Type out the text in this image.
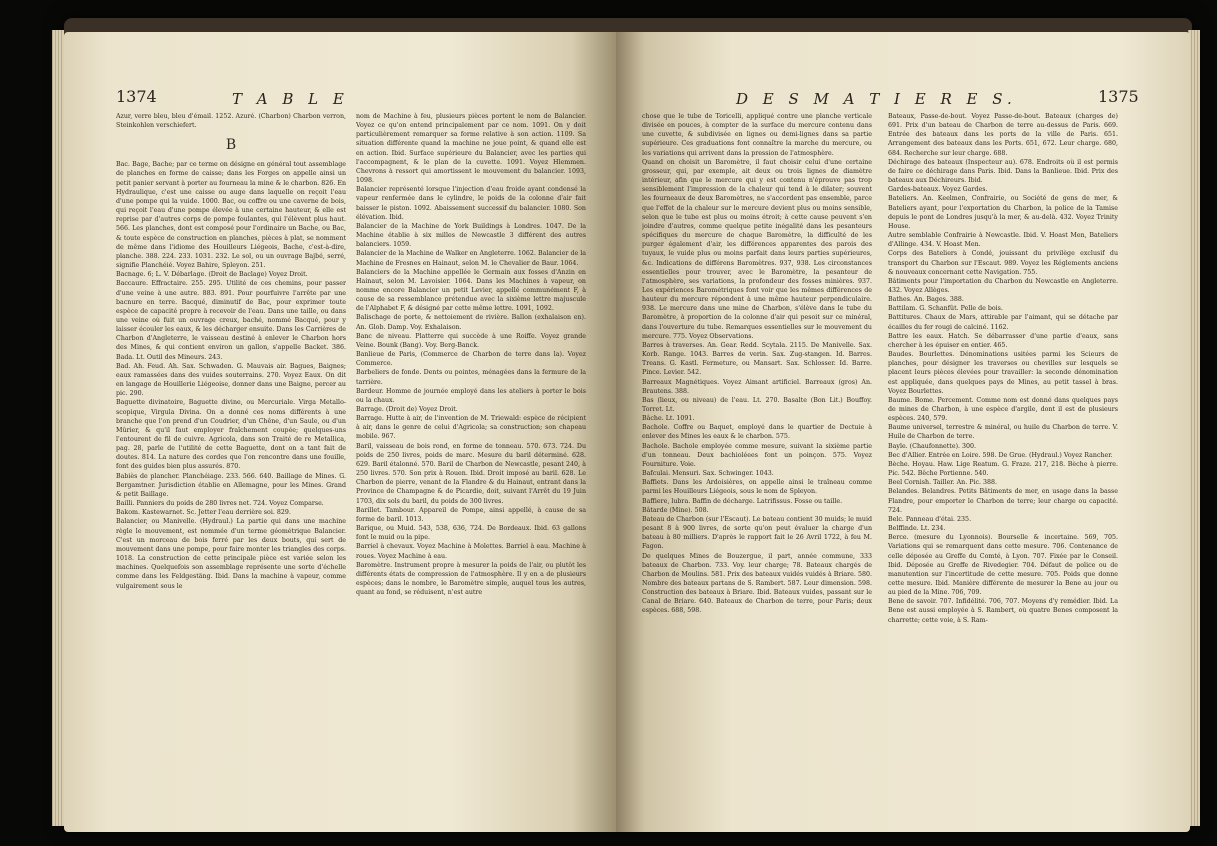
1374	T A B L E

Azur, verre bleu, bleu d'émail. 1252. Azuré. (Charbon) Charbon verron, Steinkohlen verschiefert.

B

Bac. Bage, Bache; par ce terme on désigne en général tout assemblage de planches en forme de caisse; dans les Forges on appelle ainsi un petit panier servant à porter au fourneau la mine & le charbon. 826. En Hydraulique, c'est une caisse ou auge dans laquelle on reçoit l'eau d'une pompe qui la vuide. 1000. Bac, ou coffre ou une caverne de bois, qui reçoit l'eau d'une pompe élevée à une certaine hauteur, & elle est reprise par d'autres corps de pompe foulantes, qui l'élèvent plus haut. 566. Les planches, dont est composé pour l'ordinaire un Bache, ou Bac, & toute espèce de construction en planches, pièces à plat, se nomment de même dans l'idiome des Houilleurs Liégeois, Bache, c'est-à-dire, planche. 388. 224. 233. 1031. 232. Le sol, ou un ouvrage Bajbé, serré, signifie Planchéié. Voyez Bahire, Spleyon. 251.

Bacnage. 6; L. V. Débarlage. (Droit de Baclage) Voyez Droit.

Baccaure. Effractaire. 255. 295. Utilité de ces chemins, pour passer d'une veine à une autre. 883. 891. Pour pourfuivre l'arrête par une bacnure en terre. Bacqué, diminutif de Bac, pour exprimer toute espèce de capacité propre à recevoir de l'eau. Dans une taille, ou dans une veine où fuit un ouvrage creux, baché, nommé Bacqué, pour y laisser écouler les eaux, & les décharger ensuite. Dans les Carrières de Charbon d'Angleterre, le vaisseau destiné à enlever le Charbon hors des Mines, & qui contient environ un gallon, s'appelle Backet. 386. Bada. Lt. Outil des Mineurs. 243.

Bad. Ah. Feud. Ah. Sax. Schwaden. G. Mauvais air. Bagues, Baignes; eaux ramassées dans des vuides souterrains. 270. Voyez Eaux. On dit en langage de Houillerie Liégeoise, donner dans une Baigne, percer au pic. 290.

Baguette divinatoire, Baguette divine, ou Mercuriale. Virga Metallo-scopique, Virgula Divina. On a donné ces noms différents à une branche que l'on prend d'un Coudrier, d'un Chêne, d'un Saule, ou d'un Mûrier, & qu'il faut employer fraîchement coupée; quelques-uns l'entourent de fil de cuivre. Agricola, dans son Traité de re Metallica, pag. 28, parle de l'utilité de cette Baguette, dont on a tant fait de doutes. 814. La nature des cordes que l'on rencontre dans une fouille, font des guides bien plus assurés. 870.

Babiès de plancher. Planchéiage. 233. 566. 640. Baillage de Mines. G. Bergamtner. Jurisdiction établie en Allemagne, pour les Mines. Grand & petit Baillage.

Bailli. Panniers du poids de 280 livres net. 724. Voyez Comparse.

Bakom. Kastewarnet. Sc. Jetter l'eau derrière soi. 829.

Balancier, ou Manivelle. (Hydraul.) La partie qui dans une machine règle le mouvement, est nommée d'un terme géométrique Balancier. C'est un morceau de bois ferré par les deux bouts, qui sert de mouvement dans une pompe, pour faire monter les triangles des corps. 1018. La construction de cette principale pièce est variée selon les machines. Quelquefois son assemblage représente une sorte d'échelle comme dans les Feldgestäng. Ibid. Dans la machine à vapeur, comme vulgairement sous le

nom de Machine à feu, plusieurs pièces portent le nom de Balancier. Voyez ce qu'on entend principalement par ce nom. 1091. On y doit particulièrement remarquer sa forme relative à son action. 1109. Sa situation différente quand la machine ne joue point, & quand elle est en action. Ibid. Surface supérieure du Balancier, avec les parties qui l'accompagnent, & le plan de la cuvette. 1091. Voyez Hlemmen. Chevrons à ressort qui amortissent le mouvement du balancier. 1093, 1098.

Balancier représenté lorsque l'injection d'eau froide ayant condensé la vapeur renfermée dans le cylindre, le poids de la colonne d'air fait baisser le piston. 1092. Abaissement successif du balancier. 1080. Son élévation. Ibid.

Balancier de la Machine de York Buildings à Londres. 1047. De la Machine établie à six milles de Newcastle 3 différent des autres balanciers. 1059.

Balancier de la Machine de Walker en Angleterre. 1062. Balancier de la Machine de Fresnes en Hainaut, selon M. le Chevalier de Baur. 1064.

Balanciers de la Machine appellée le Germain aux fosses d'Anzin en Hainaut, selon M. Lavoisier. 1064. Dans les Machines à vapeur, on nomme encore Balancier un petit Levier, appellé communément F, à cause de sa ressemblance prétendue avec la sixième lettre majuscule de l'Alphabet F, & désigné par cette même lettre. 1091, 1092.

Balischage de porte, & nettoiement de rivière. Ballon (exhalaison en). An. Glob. Damp. Voy. Exhalaison.

Banc de niveau. Platterre qui succède à une Roiffe. Voyez grande Veine. Bounk (Bang). Voy. Berg-Banck.

Banlieue de Paris, (Commerce de Charbon de terre dans la). Voyez Commerce.

Barbeliers de fonde. Dents ou pointes, ménagées dans la fermure de la tarrière.

Bardeur. Homme de journée employé dans les ateliers à porter le bois ou la chaux.

Barrage. (Droit de) Voyez Droit.

Barrage. Hutte à air, de l'invention de M. Triewald: espèce de récipient à air, dans le genre de celui d'Agricola; sa construction; son chapeau mobile. 967.

Baril, vaisseau de bois rond, en forme de tonneau. 570. 673. 724. Du poids de 250 livres, poids de marc. Mesure du baril déterminé. 628. 629. Baril étalonné. 570. Baril de Charbon de Newcastle, pesant 240, à 250 livres. 570. Son prix à Rouen. Ibid. Droit imposé au baril. 628. Le Charbon de pierre, venant de la Flandre & du Hainaut, entrant dans la Province de Champagne & de Picardie, doit, suivant l'Arrêt du 19 Juin 1703, dix sols du baril, du poids de 300 livres.

Barillet. Tambour. Appareil de Pompe, ainsi appellé, à cause de sa forme de baril. 1013.

Barique, ou Muid. 543, 538, 636, 724. De Bordeaux. Ibid. 63 gallons font le muid ou la pipe.

Barriel à chevaux. Voyez Machine à Molettes. Barriel à eau. Machine à roues. Voyez Machine à eau.

Baromètre. Instrument propre à mesurer la poids de l'air, ou plutôt les différents états de compression de l'atmosphère. Il y en a de plusieurs espèces; dans le nombre, le Baromètre simple, auquel tous les autres, quant au fond, se réduisent, n'est autre

D E S M A T I E R E S.	1375

chose que le tube de Toricelli, appliqué contre une planche verticale divisée en pouces, à compter de la surface du mercure contenu dans une cuvette, & subdivisée en lignes ou demi-lignes dans sa partie supérieure. Ces graduations font connaître la marche du mercure, ou les variations qui arrivent dans la pression de l'atmosphère.

Quand on choisit un Baromètre, il faut choisir celui d'une certaine grosseur, qui, par exemple, ait deux ou trois lignes de diamètre intérieur, afin que le mercure qui y est contenu n'éprouve pas trop sensiblement l'impression de la chaleur qui tend à le dilater; souvent les fourneaux de deux Baromètres, ne s'accordent pas ensemble, parce que l'effet de la chaleur sur le mercure devient plus ou moins sensible, selon que le tube est plus ou moins étroit; à cette cause peuvent s'en joindre d'autres, comme quelque petite inégalité dans les pesanteurs spécifiques du mercure de chaque Baromètre, la difficulté de les purger également d'air, les différences apparentes des parois des tuyaux, le vuide plus ou moins parfait dans leurs parties supérieures, &c. Indications de différens Baromètres. 937, 938. Les circonstances essentielles pour trouver, avec le Baromètre, la pesanteur de l'atmosphère, ses variations, la profondeur des fosses minières. 937. Les expériences Barométriques font voir que les mêmes différences de hauteur du mercure répondent à une même hauteur perpendiculaire. 938. Le mercure dans une mine de Charbon, s'élève dans le tube du Baromètre, à proportion de la colonne d'air qui pesoit sur ce minéral, dans l'ouverture du tube. Remarques essentielles sur le mouvement du mercure. 775. Voyez Observations.

Barres à traverses. An. Gear. Redd. Scytala. 2115. De Manivelle. Sax. Korb. Range. 1043. Barres de verin. Sax. Zug-stangen. Id. Barres. Treans. G. Kastl. Fermeture, ou Mansart. Sax. Schlosser. Id. Barre. Pince. Levier. 542.

Barreaux Magnétiques. Voyez Aimant artificiel. Barreaux (gros) An. Brautens. 388.

Bas (lieux, ou niveau) de l'eau. Lt. 270. Basalte (Bon Lit.) Bouffoy. Torret. Lt.

Bâche. Lt. 1091.

Bachole. Coffre ou Baquet, employé dans le quartier de Dectuie à enlever des Mines les eaux & le charbon. 575.

Bachole. Bachole employée comme mesure, suivant la sixième partie d'un tonneau. Deux bachioléees font un poinçon. 575. Voyez Fourniture. Voie.

Bafculai. Mensuri. Sax. Schwinger. 1043.

Baffiets. Dans les Ardoisières, on appelle ainsi le traîneau comme parmi les Houilleurs Liégeois, sous le nom de Spleyon.

Baffiere, lubra. Baffin de décharge. Latrifissus. Fosse ou taille.

Bâtarde (Mine). 508.

Bateau de Charbon (sur l'Escaut). Le bateau contient 30 muids; le muid pesant 8 à 900 livres, de sorte qu'on peut évaluer la charge d'un bateau à 80 milliers. D'après le rapport fait le 26 Avril 1722, à feu M. Fagon.

De quelques Mines de Bouzergue, il part, année commune, 333 bateaux de Charbon. 733. Voy. leur charge; 78. Bateaux chargés de Charbon de Moulins. 581. Prix des bateaux vuidés vuidés à Briare. 580. Nombre des bateaux partans de S. Rambert. 587. Leur dimension. 598. Construction des bateaux à Briare. Ibid. Bateaux vuides, passant sur le Canal de Briare. 640. Bateaux de Charbon de terre, pour Paris; deux espèces. 688, 598.

Bateaux, Passe-de-bout. Voyez Passe-de-bout. Bateaux (charges de) 691. Prix d'un bateau de Charbon de terre au-dessus de Paris. 669. Entrée des bateaux dans les ports de la ville de Paris. 651. Arrangement des bateaux dans les Ports. 651, 672. Leur charge. 680, 684. Recherche sur leur charge. 688.

Déchirage des bateaux (Inspecteur au). 678. Endroits où il est permis de faire ce déchirage dans Paris. Ibid. Dans la Banlieue. Ibid. Prix des bateaux aux Déchireurs. Ibid.

Gardes-bateaux. Voyez Gardes.

Bateliers. An. Keelmen, Confrairie, ou Société de gens de mer, & Bateliers ayant, pour l'exportation du Charbon, la police de la Tamise depuis le pont de Londres jusqu'à la mer, & au-delà. 432. Voyez Trinity House.

Autre semblable Confrairie à Newcastle. Ibid. V. Hoast Men, Bateliers d'Allinge. 434. V. Hoast Men.

Corps des Bateliers à Condé, jouissant du privilège exclusif du transport du Charbon sur l'Escaut. 989. Voyez les Réglements anciens & nouveaux concernant cette Navigation. 755.

Bâtiments pour l'importation du Charbon du Newcastle en Angleterre. 432. Voyez Allèges.

Bathes. An. Bages. 388.

Battilam. G. Schanfût. Pelle de bois.

Battitures. Chaux de Mars, attirable par l'aimant, qui se détache par écailles du fer rougi de calciné. 1162.

Battre les eaux. Hatch. Se débarrasser d'une partie d'eaux, sans chercher à les épuiser en entier. 465.

Baudes. Bourlettes. Dénominations usitées parmi les Scieurs de planches, pour désigner les traverses ou chevilles sur lesquels se placent leurs pièces élevées pour travailler: la seconde dénomination est appliquée, dans quelques pays de Mines, au petit tassel à bras. Voyez Bourlettes.

Baume. Bome. Percement. Comme nom est donné dans quelques pays de mines de Charbon, à une espèce d'argile, dont il est de plusieurs espèces. 240, 579.

Baume universel, terrestre & minéral, ou huile du Charbon de terre. V. Huile de Charbon de terre.

Bayle. (Chaufonnette). 300.

Bec d'Allier. Entrée en Loire. 598. De Grue. (Hydraul.) Voyez Rancher.

Bèche. Hoyau. Haw. Lige Reatum. G. Fraze. 217, 218. Bèche à pierre. Pic. 542. Bêche Portienne. 540.

Beel Cornish. Tailler. An. Pic. 388.

Belandes. Belandres. Petits Bâtiments de mer, en usage dans la basse Flandre, pour emporter le Charbon de terre; leur charge ou capacité. 724.

Belc. Panneau d'étai. 235.

Belffinde. Lt. 234.

Berce. (mesure du Lyonnois). Bourselle & incertaine. 569, 705. Variations qui se remarquent dans cette mesure. 706. Contenance de celle déposée au Greffe du Comté, à Lyon. 707. Fixée par le Conseil. Ibid. Déposée au Greffe de Rivedegier. 704. Défaut de police ou de manutention sur l'incertitude de cette mesure. 705. Poids que donne cette mesure. Ibid. Manière différente de mesurer la Bene au jour ou au pied de la Mine. 706, 709.

Bene de savoir. 707. Infidélité. 706, 707. Moyens d'y remédier. Ibid. La Bene est aussi employée à S. Rambert, où quatre Benes composent la charrette; cette voie, à S. Ram-
